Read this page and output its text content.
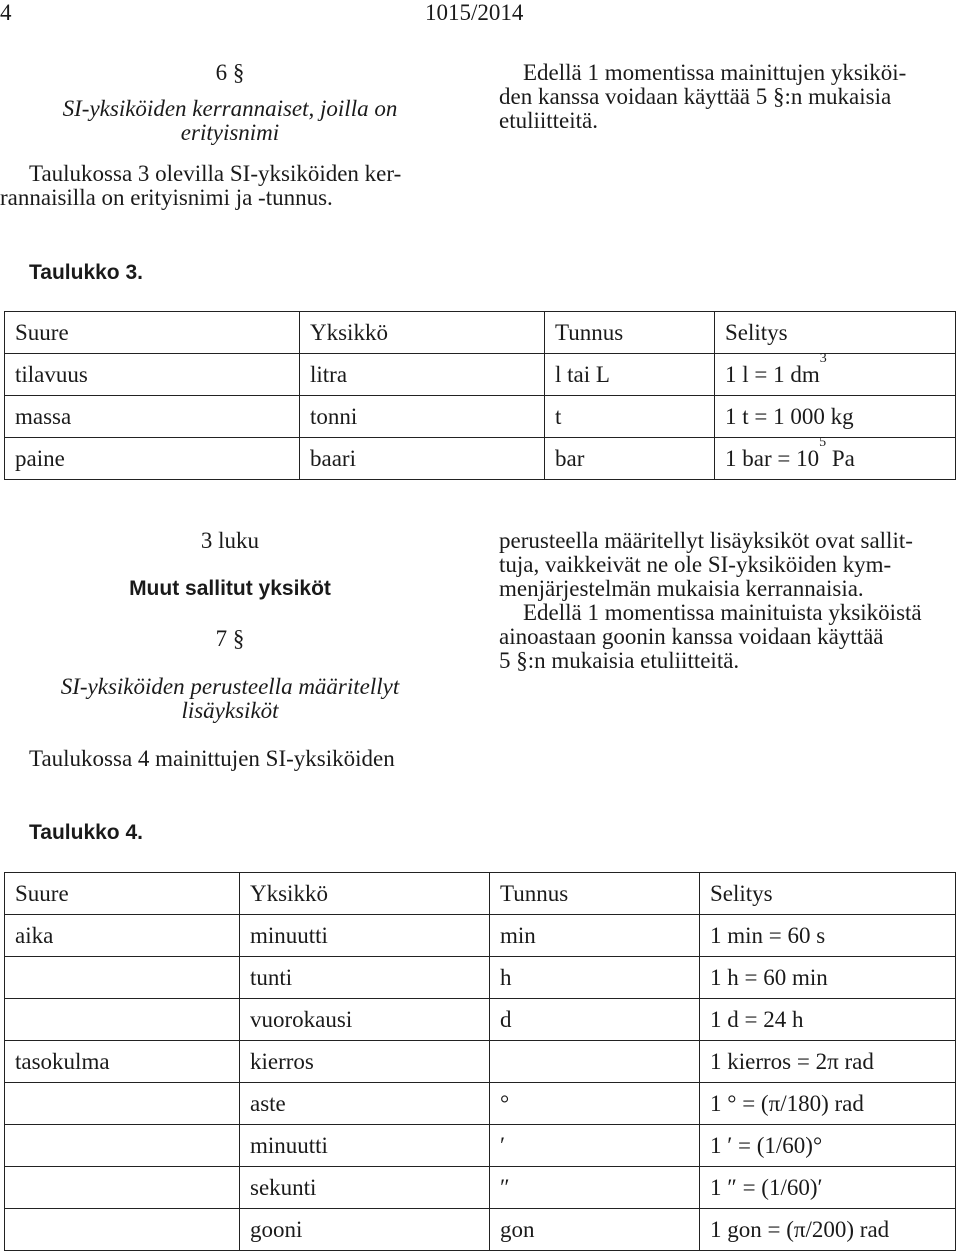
4	1015/2014
6 §
SI-yksiköiden kerrannaiset, joilla on
erityisnimi
Taulukossa 3 olevilla SI-yksiköiden ker-
rannaisilla on erityisnimi ja -tunnus.
Edellä 1 momentissa mainittujen yksiköi-
den kanssa voidaan käyttää 5 §:n mukaisia
etuliitteitä.
Taulukko 3.
Suure	Yksikkö	Tunnus	Selitys
tilavuus	litra	l tai L	1 l = 1 $dm^3$
massa	tonni	t	1 t = 1 000 kg
paine	baari	bar	1 bar = $10^5$ Pa
3 luku
Muut sallitut yksiköt
7 §
SI-yksiköiden perusteella määritellyt
lisäyksiköt
Taulukossa 4 mainittujen SI-yksiköiden
perusteella määritellyt lisäyksiköt ovat sallit-
tuja, vaikkeivät ne ole SI-yksiköiden kym-
menjärjestelmän mukaisia kerrannaisia.
Edellä 1 momentissa mainituista yksiköistä
ainoastaan goonin kanssa voidaan käyttää
5 §:n mukaisia etuliitteitä.
Taulukko 4.
Suure	Yksikkö	Tunnus	Selitys
aika	minuutti	min	1 min = 60 s
	tunti	h	1 h = 60 min
	vuorokausi	d	1 d = 24 h
tasokulma	kierros		1 kierros = 2π rad
	aste	°	1 ° = (π/180) rad
	minuutti	′	1 ′ = (1/60)°
	sekunti	″	1 ″ = (1/60)′
	gooni	gon	1 gon = (π/200) rad
